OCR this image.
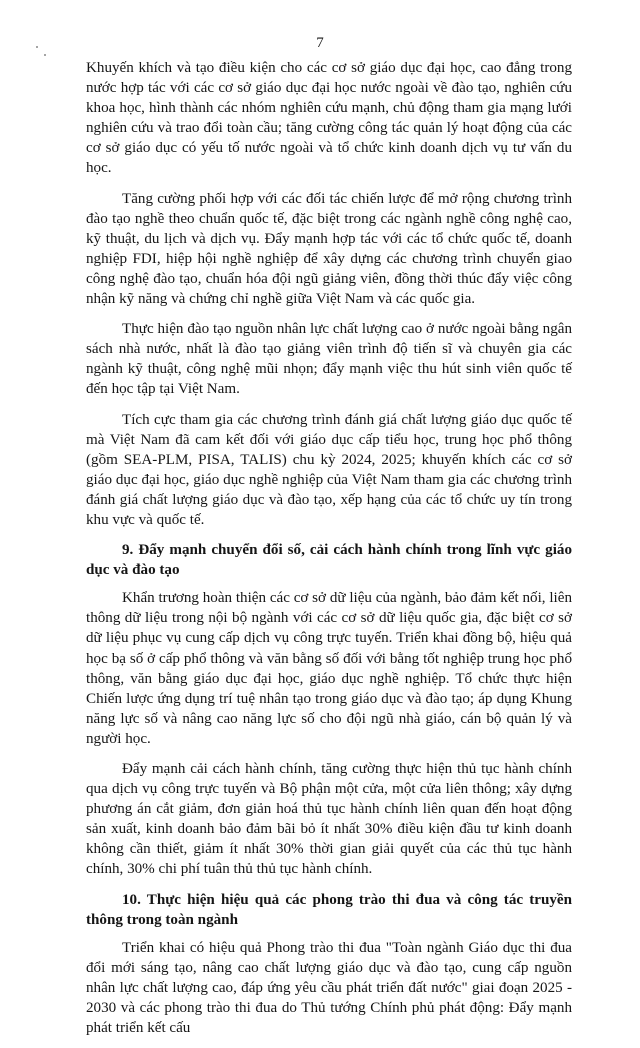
7

Khuyến khích và tạo điều kiện cho các cơ sở giáo dục đại học, cao đẳng trong nước hợp tác với các cơ sở giáo dục đại học nước ngoài về đào tạo, nghiên cứu khoa học, hình thành các nhóm nghiên cứu mạnh, chủ động tham gia mạng lưới nghiên cứu và trao đổi toàn cầu; tăng cường công tác quản lý hoạt động của các cơ sở giáo dục có yếu tố nước ngoài và tổ chức kinh doanh dịch vụ tư vấn du học.

Tăng cường phối hợp với các đối tác chiến lược để mở rộng chương trình đào tạo nghề theo chuẩn quốc tế, đặc biệt trong các ngành nghề công nghệ cao, kỹ thuật, du lịch và dịch vụ. Đẩy mạnh hợp tác với các tổ chức quốc tế, doanh nghiệp FDI, hiệp hội nghề nghiệp để xây dựng các chương trình chuyển giao công nghệ đào tạo, chuẩn hóa đội ngũ giảng viên, đồng thời thúc đẩy việc công nhận kỹ năng và chứng chỉ nghề giữa Việt Nam và các quốc gia.

Thực hiện đào tạo nguồn nhân lực chất lượng cao ở nước ngoài bằng ngân sách nhà nước, nhất là đào tạo giảng viên trình độ tiến sĩ và chuyên gia các ngành kỹ thuật, công nghệ mũi nhọn; đẩy mạnh việc thu hút sinh viên quốc tế đến học tập tại Việt Nam.

Tích cực tham gia các chương trình đánh giá chất lượng giáo dục quốc tế mà Việt Nam đã cam kết đối với giáo dục cấp tiểu học, trung học phổ thông (gồm SEA-PLM, PISA, TALIS) chu kỳ 2024, 2025; khuyến khích các cơ sở giáo dục đại học, giáo dục nghề nghiệp của Việt Nam tham gia các chương trình đánh giá chất lượng giáo dục và đào tạo, xếp hạng của các tổ chức uy tín trong khu vực và quốc tế.

9. Đẩy mạnh chuyển đổi số, cải cách hành chính trong lĩnh vực giáo dục và đào tạo

Khẩn trương hoàn thiện các cơ sở dữ liệu của ngành, bảo đảm kết nối, liên thông dữ liệu trong nội bộ ngành với các cơ sở dữ liệu quốc gia, đặc biệt cơ sở dữ liệu phục vụ cung cấp dịch vụ công trực tuyến. Triển khai đồng bộ, hiệu quả học bạ số ở cấp phổ thông và văn bằng số đối với bằng tốt nghiệp trung học phổ thông, văn bằng giáo dục đại học, giáo dục nghề nghiệp. Tổ chức thực hiện Chiến lược ứng dụng trí tuệ nhân tạo trong giáo dục và đào tạo; áp dụng Khung năng lực số và nâng cao năng lực số cho đội ngũ nhà giáo, cán bộ quản lý và người học.

Đẩy mạnh cải cách hành chính, tăng cường thực hiện thủ tục hành chính qua dịch vụ công trực tuyến và Bộ phận một cửa, một cửa liên thông; xây dựng phương án cắt giảm, đơn giản hoá thủ tục hành chính liên quan đến hoạt động sản xuất, kinh doanh bảo đảm bãi bỏ ít nhất 30% điều kiện đầu tư kinh doanh không cần thiết, giảm ít nhất 30% thời gian giải quyết của các thủ tục hành chính, 30% chi phí tuân thủ thủ tục hành chính.

10. Thực hiện hiệu quả các phong trào thi đua và công tác truyền thông trong toàn ngành

Triển khai có hiệu quả Phong trào thi đua "Toàn ngành Giáo dục thi đua đổi mới sáng tạo, nâng cao chất lượng giáo dục và đào tạo, cung cấp nguồn nhân lực chất lượng cao, đáp ứng yêu cầu phát triển đất nước" giai đoạn 2025 - 2030 và các phong trào thi đua do Thủ tướng Chính phủ phát động: Đẩy mạnh phát triển kết cấu
